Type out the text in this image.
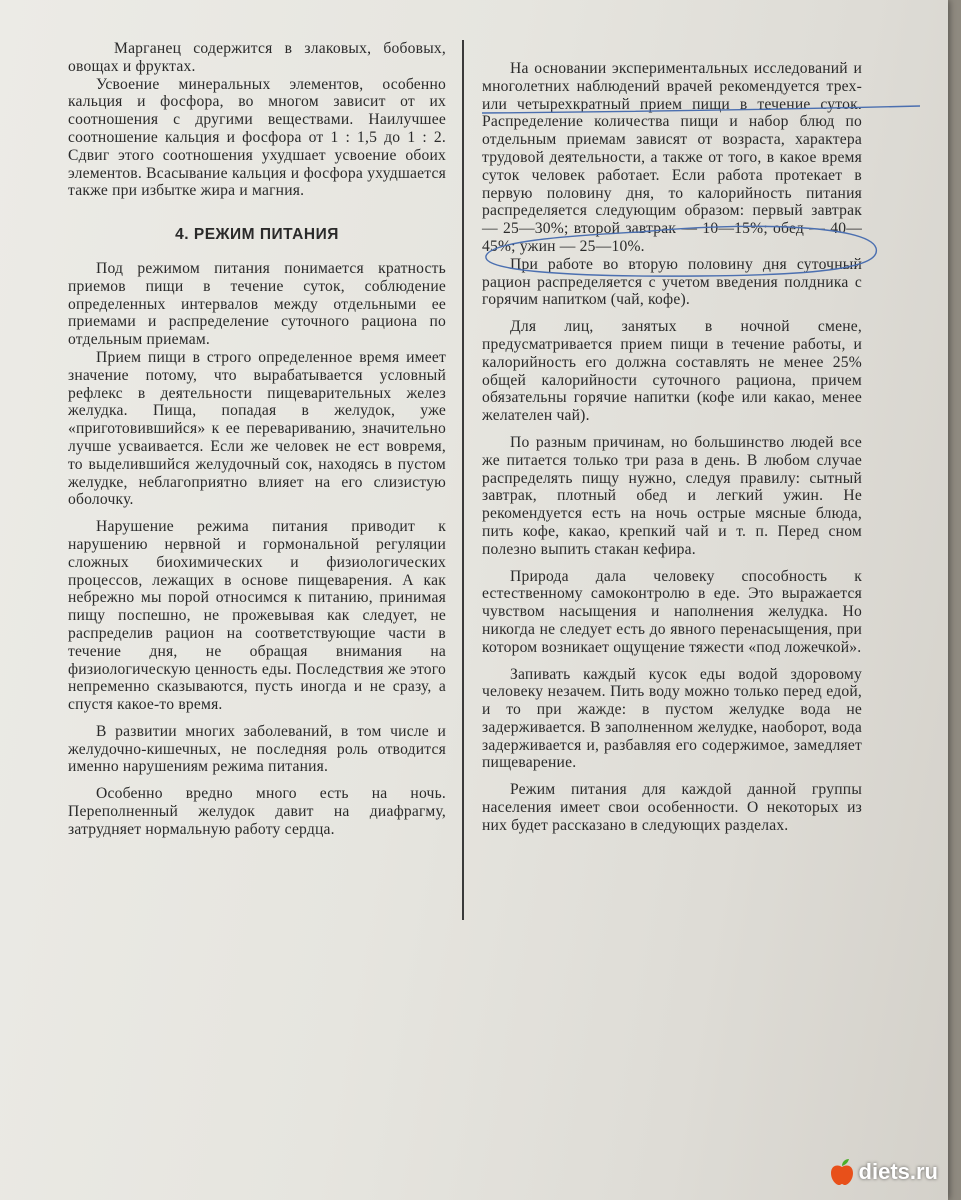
Марганец содержится в злаковых, бобовых, овощах и фруктах.

Усвоение минеральных элементов, особенно кальция и фосфора, во многом зависит от их соотношения с другими веществами. Наилучшее соотношение кальция и фосфора от 1 : 1,5 до 1 : 2. Сдвиг этого соотношения ухудшает усвоение обоих элементов. Всасывание кальция и фосфора ухудшается также при избытке жира и магния.

4. РЕЖИМ ПИТАНИЯ

Под режимом питания понимается кратность приемов пищи в течение суток, соблюдение определенных интервалов между отдельными ее приемами и распределение суточного рациона по отдельным приемам.

Прием пищи в строго определенное время имеет значение потому, что вырабатывается условный рефлекс в деятельности пищеварительных желез желудка. Пища, попадая в желудок, уже «приготовившийся» к ее перевариванию, значительно лучше усваивается. Если же человек не ест вовремя, то выделившийся желудочный сок, находясь в пустом желудке, неблагоприятно влияет на его слизистую оболочку.

Нарушение режима питания приводит к нарушению нервной и гормональной регуляции сложных биохимических и физиологических процессов, лежащих в основе пищеварения. А как небрежно мы порой относимся к питанию, принимая пищу поспешно, не прожевывая как следует, не распределив рацион на соответствующие части в течение дня, не обращая внимания на физиологическую ценность еды. Последствия же этого непременно сказываются, пусть иногда и не сразу, а спустя какое-то время.

В развитии многих заболеваний, в том числе и желудочно-кишечных, не последняя роль отводится именно нарушениям режима питания.

Особенно вредно много есть на ночь. Переполненный желудок давит на диафрагму, затрудняет нормальную работу сердца.

На основании экспериментальных исследований и многолетних наблюдений врачей рекомендуется трех- или четырехкратный прием пищи в течение суток. Распределение количества пищи и набор блюд по отдельным приемам зависят от возраста, характера трудовой деятельности, а также от того, в какое время суток человек работает. Если работа протекает в первую половину дня, то калорийность питания распределяется следующим образом: первый завтрак — 25—30%; второй завтрак — 10—15%; обед — 40—45%; ужин — 25—10%.

При работе во вторую половину дня суточный рацион распределяется с учетом введения полдника с горячим напитком (чай, кофе).

Для лиц, занятых в ночной смене, предусматривается прием пищи в течение работы, и калорийность его должна составлять не менее 25% общей калорийности суточного рациона, причем обязательны горячие напитки (кофе или какао, менее желателен чай).

По разным причинам, но большинство людей все же питается только три раза в день. В любом случае распределять пищу нужно, следуя правилу: сытный завтрак, плотный обед и легкий ужин. Не рекомендуется есть на ночь острые мясные блюда, пить кофе, какао, крепкий чай и т. п. Перед сном полезно выпить стакан кефира.

Природа дала человеку способность к естественному самоконтролю в еде. Это выражается чувством насыщения и наполнения желудка. Но никогда не следует есть до явного перенасыщения, при котором возникает ощущение тяжести «под ложечкой».

Запивать каждый кусок еды водой здоровому человеку незачем. Пить воду можно только перед едой, и то при жажде: в пустом желудке вода не задерживается. В заполненном желудке, наоборот, вода задерживается и, разбавляя его содержимое, замедляет пищеварение.

Режим питания для каждой данной группы населения имеет свои особенности. О некоторых из них будет рассказано в следующих разделах.

diets.ru
